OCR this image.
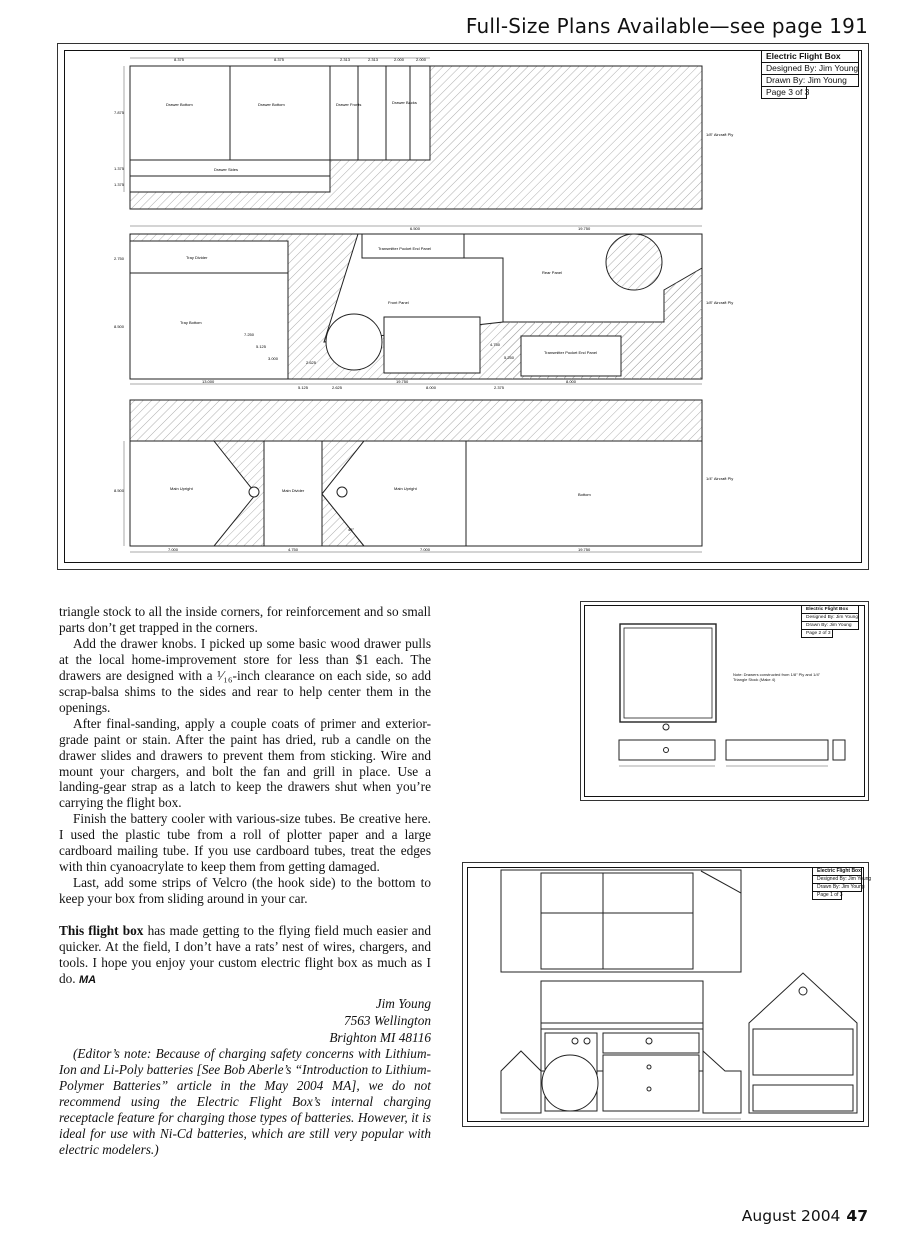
Full-Size Plans Available—see page 191
Drawer Bottom	Drawer Bottom	Drawer Fronts	Drawer Backs
Drawer Sides
1/8" Aircraft Ply
8.375	8.375	2.313	2.313	2.000	2.000
7.875
1.375
1.375
Tray Divider
Tray Bottom
Transmitter Pocket End Panel
Rear Panel
Front Panel
Transmitter Pocket End Panel
1/8" Aircraft Ply
6.500	19.750
2.750
8.500
7.250
5.125
3.000
2.625
4.750
5.250
13.000
5.125	2.625
19.750
8.000	2.375
8.000
Main Upright	Main Divider	Main Upright
Bottom
45°
1/4" Aircraft Ply
8.500
7.000	4.750	7.000	19.750
Electric Flight Box
Designed By: Jim Young
Drawn By: Jim Young
Page 3 of 3

triangle stock to all the inside corners, for reinforcement and so small parts don’t get trapped in the corners.

Add the drawer knobs. I picked up some basic wood drawer pulls at the local home-improvement store for less than $1 each. The drawers are designed with a ¹⁄₁₆-inch clearance on each side, so add scrap-balsa shims to the sides and rear to help center them in the openings.

After final-sanding, apply a couple coats of primer and exterior-grade paint or stain. After the paint has dried, rub a candle on the drawer slides and drawers to prevent them from sticking. Wire and mount your chargers, and bolt the fan and grill in place. Use a landing-gear strap as a latch to keep the drawers shut when you’re carrying the flight box.

Finish the battery cooler with various-size tubes. Be creative here. I used the plastic tube from a roll of plotter paper and a large cardboard mailing tube. If you use cardboard tubes, treat the edges with thin cyanoacrylate to keep them from getting damaged.

Last, add some strips of Velcro (the hook side) to the bottom to keep your box from sliding around in your car.

This flight box has made getting to the flying field much easier and quicker. At the field, I don’t have a rats’ nest of wires, chargers, and tools. I hope you enjoy your custom electric flight box as much as I do. MA

Jim Young
7563 Wellington
Brighton MI 48116

(Editor’s note: Because of charging safety concerns with Lithium-Ion and Li-Poly batteries [See Bob Aberle’s “Introduction to Lithium-Polymer Batteries” article in the May 2004 MA], we do not recommend using the Electric Flight Box’s internal charging receptacle feature for charging those types of batteries. However, it is ideal for use with Ni-Cd batteries, which are still very popular with electric modelers.)

Note: Drawers constructed from 1/8" Ply and 1/4" Triangle Stock (Make 4)
Electric Flight Box
Designed By: Jim Young
Drawn By: Jim Young
Page 2 of 3
Electric Flight Box
Designed By: Jim Young
Drawn By: Jim Young
Page 1 of 3
August 2004 47
